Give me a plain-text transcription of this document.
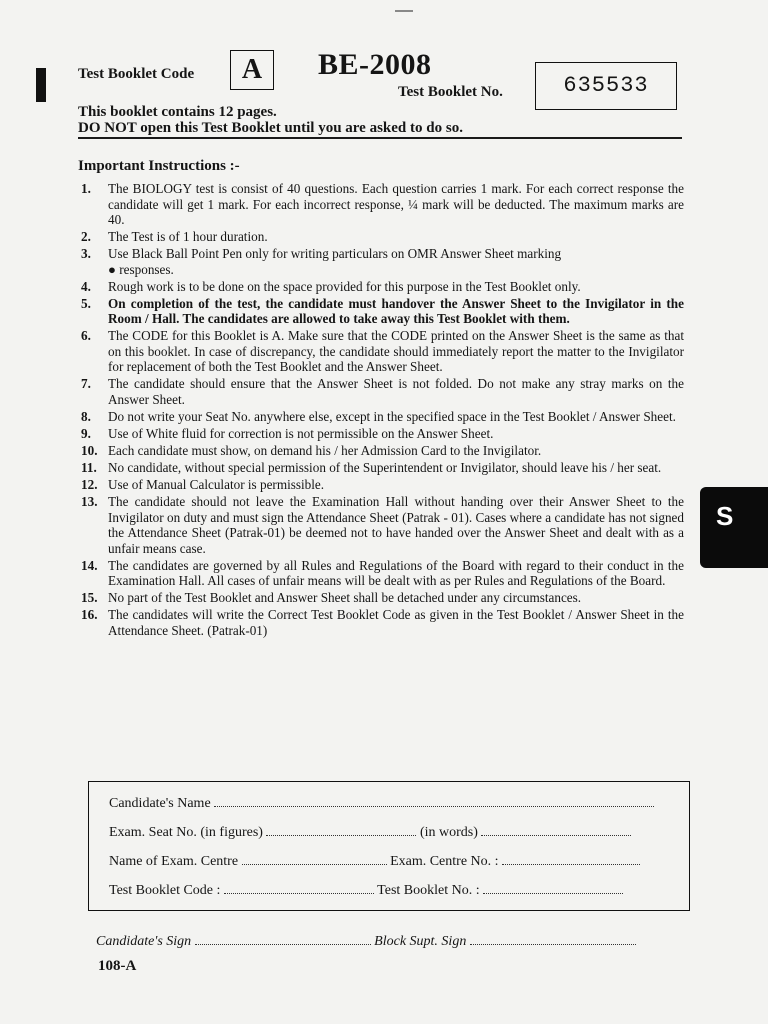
Test Booklet Code	A	BE-2008
Test Booklet No.	635533
This booklet contains 12 pages.
DO NOT open this Test Booklet until you are asked to do so.
S
Important Instructions :-
1. The BIOLOGY test is consist of 40 questions. Each question carries 1 mark. For each correct response the candidate will get 1 mark. For each incorrect response, ¼ mark will be deducted. The maximum marks are 40.
2. The Test is of 1 hour duration.
3. Use Black Ball Point Pen only for writing particulars on OMR Answer Sheet marking
● responses.
4. Rough work is to be done on the space provided for this purpose in the Test Booklet only.
5. On completion of the test, the candidate must handover the Answer Sheet to the Invigilator in the Room / Hall. The candidates are allowed to take away this Test Booklet with them.
6. The CODE for this Booklet is A. Make sure that the CODE printed on the Answer Sheet is the same as that on this booklet. In case of discrepancy, the candidate should immediately report the matter to the Invigilator for replacement of both the Test Booklet and the Answer Sheet.
7. The candidate should ensure that the Answer Sheet is not folded. Do not make any stray marks on the Answer Sheet.
8. Do not write your Seat No. anywhere else, except in the specified space in the Test Booklet / Answer Sheet.
9. Use of White fluid for correction is not permissible on the Answer Sheet.
10. Each candidate must show, on demand his / her Admission Card to the Invigilator.
11. No candidate, without special permission of the Superintendent or Invigilator, should leave his / her seat.
12. Use of Manual Calculator is permissible.
13. The candidate should not leave the Examination Hall without handing over their Answer Sheet to the Invigilator on duty and must sign the Attendance Sheet (Patrak - 01). Cases where a candidate has not signed the Attendance Sheet (Patrak-01) be deemed not to have handed over the Answer Sheet and dealt with as a unfair means case.
14. The candidates are governed by all Rules and Regulations of the Board with regard to their conduct in the Examination Hall. All cases of unfair means will be dealt with as per Rules and Regulations of the Board.
15. No part of the Test Booklet and Answer Sheet shall be detached under any circumstances.
16. The candidates will write the Correct Test Booklet Code as given in the Test Booklet / Answer Sheet in the Attendance Sheet. (Patrak-01)
Candidate's Name
Exam. Seat No. (in figures)	(in words)
Name of Exam. Centre	Exam. Centre No. :
Test Booklet Code :	Test Booklet No. :
Candidate's Sign	Block Supt. Sign
108-A
